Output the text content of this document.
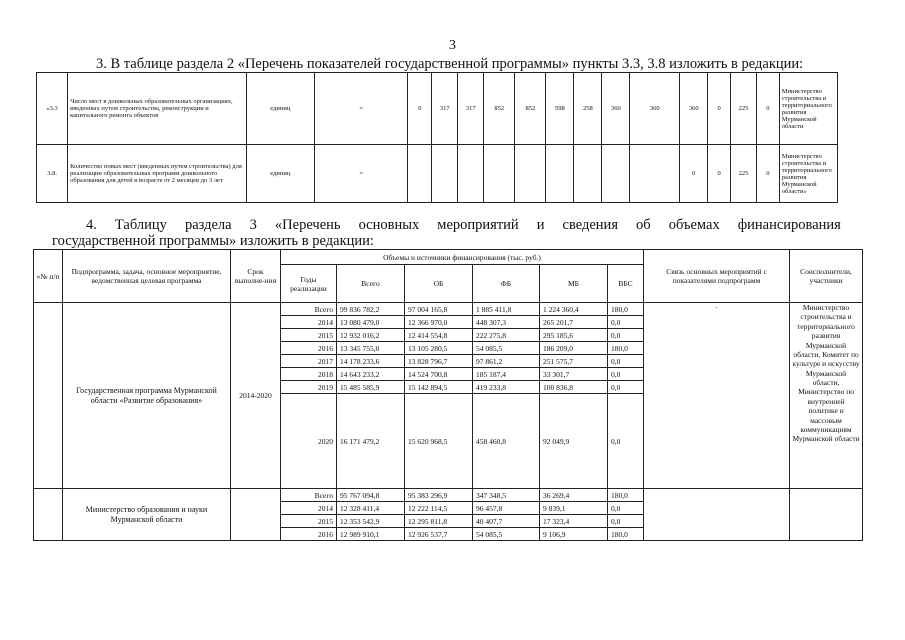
3
3. В таблице раздела 2 «Перечень показателей государственной программы» пункты 3.3, 3.8 изложить в редакции:
«3.3	Число мест в дошкольных образовательных организациях, введенных путем строительства, реконструкции и капитального ремонта объектов	единиц	=	0	317	317	852	852	598	258	360	360	360	0	225	0	Министерство строительства и территориального развития Мурманской области
3.8.	Количество новых мест (введенных путем строительства) для реализации образовательных программ дошкольного образования для детей в возрасте от 2 месяцев до 3 лет	единиц	=										0	0	225	0	Министерство строительства и территориального развития Мурманской области»
4. Таблицу раздела 3 «Перечень основных мероприятий и сведения об объемах финансирования
государственной программы» изложить в редакции:
«№ п/п	Подпрограмма, задача, основное мероприятие, ведомственная целевая программа	Срок выполне-ния	Объемы и источники финансирования (тыс. руб.)						Связь основных мероприятий с показателями подпрограмм	Соисполнители, участники
			Годы реализации	Всего	ОБ	ФБ	МБ	ВБС		
	Государственная программа Мурманской области «Развитие образования»	2014-2020	Всего	99 836 782,2	97 004 165,8	1 885 411,8	1 224 360,4	180,0	·	Министерство строительства и территориального развития Мурманской области, Комитет по культуре и искусству Мурманской области, Министерство по внутренней политике и массовым коммуникациям Мурманской области
			2014	13 080 479,0	12 366 970,0	448 307,3	265 201,7	0,0		
			2015	12 932 016,2	12 414 554,8	222 275,8	295 185,6	0,0		
			2016	13 345 755,0	13 105 280,5	54 085,5	186 209,0	180,0		
			2017	14 178 233,6	13 828 796,7	97 861,2	251 575,7	0,0		
			2018	14 643 233,2	14 524 700,8	185 187,4	33 301,7	0,0		
			2019	15 485 585,9	15 142 894,5	419 233,8	100 836,8	0,0		
			2020	16 171 479,2	15 620 968,5	458 460,8	92 049,9	0,0		
	Министерство образования и науки Мурманской области		Всего	95 767 094,8	95 383 296,9	347 348,5	36 269,4	180,0		
			2014	12 328 411,4	12 222 114,5	96 457,8	9 839,1	0,0		
			2015	12 353 542,9	12 295 811,8	40 407,7	17 323,4	0,0		
			2016	12 989 910,1	12 926 537,7	54 085,5	9 106,9	180,0		
